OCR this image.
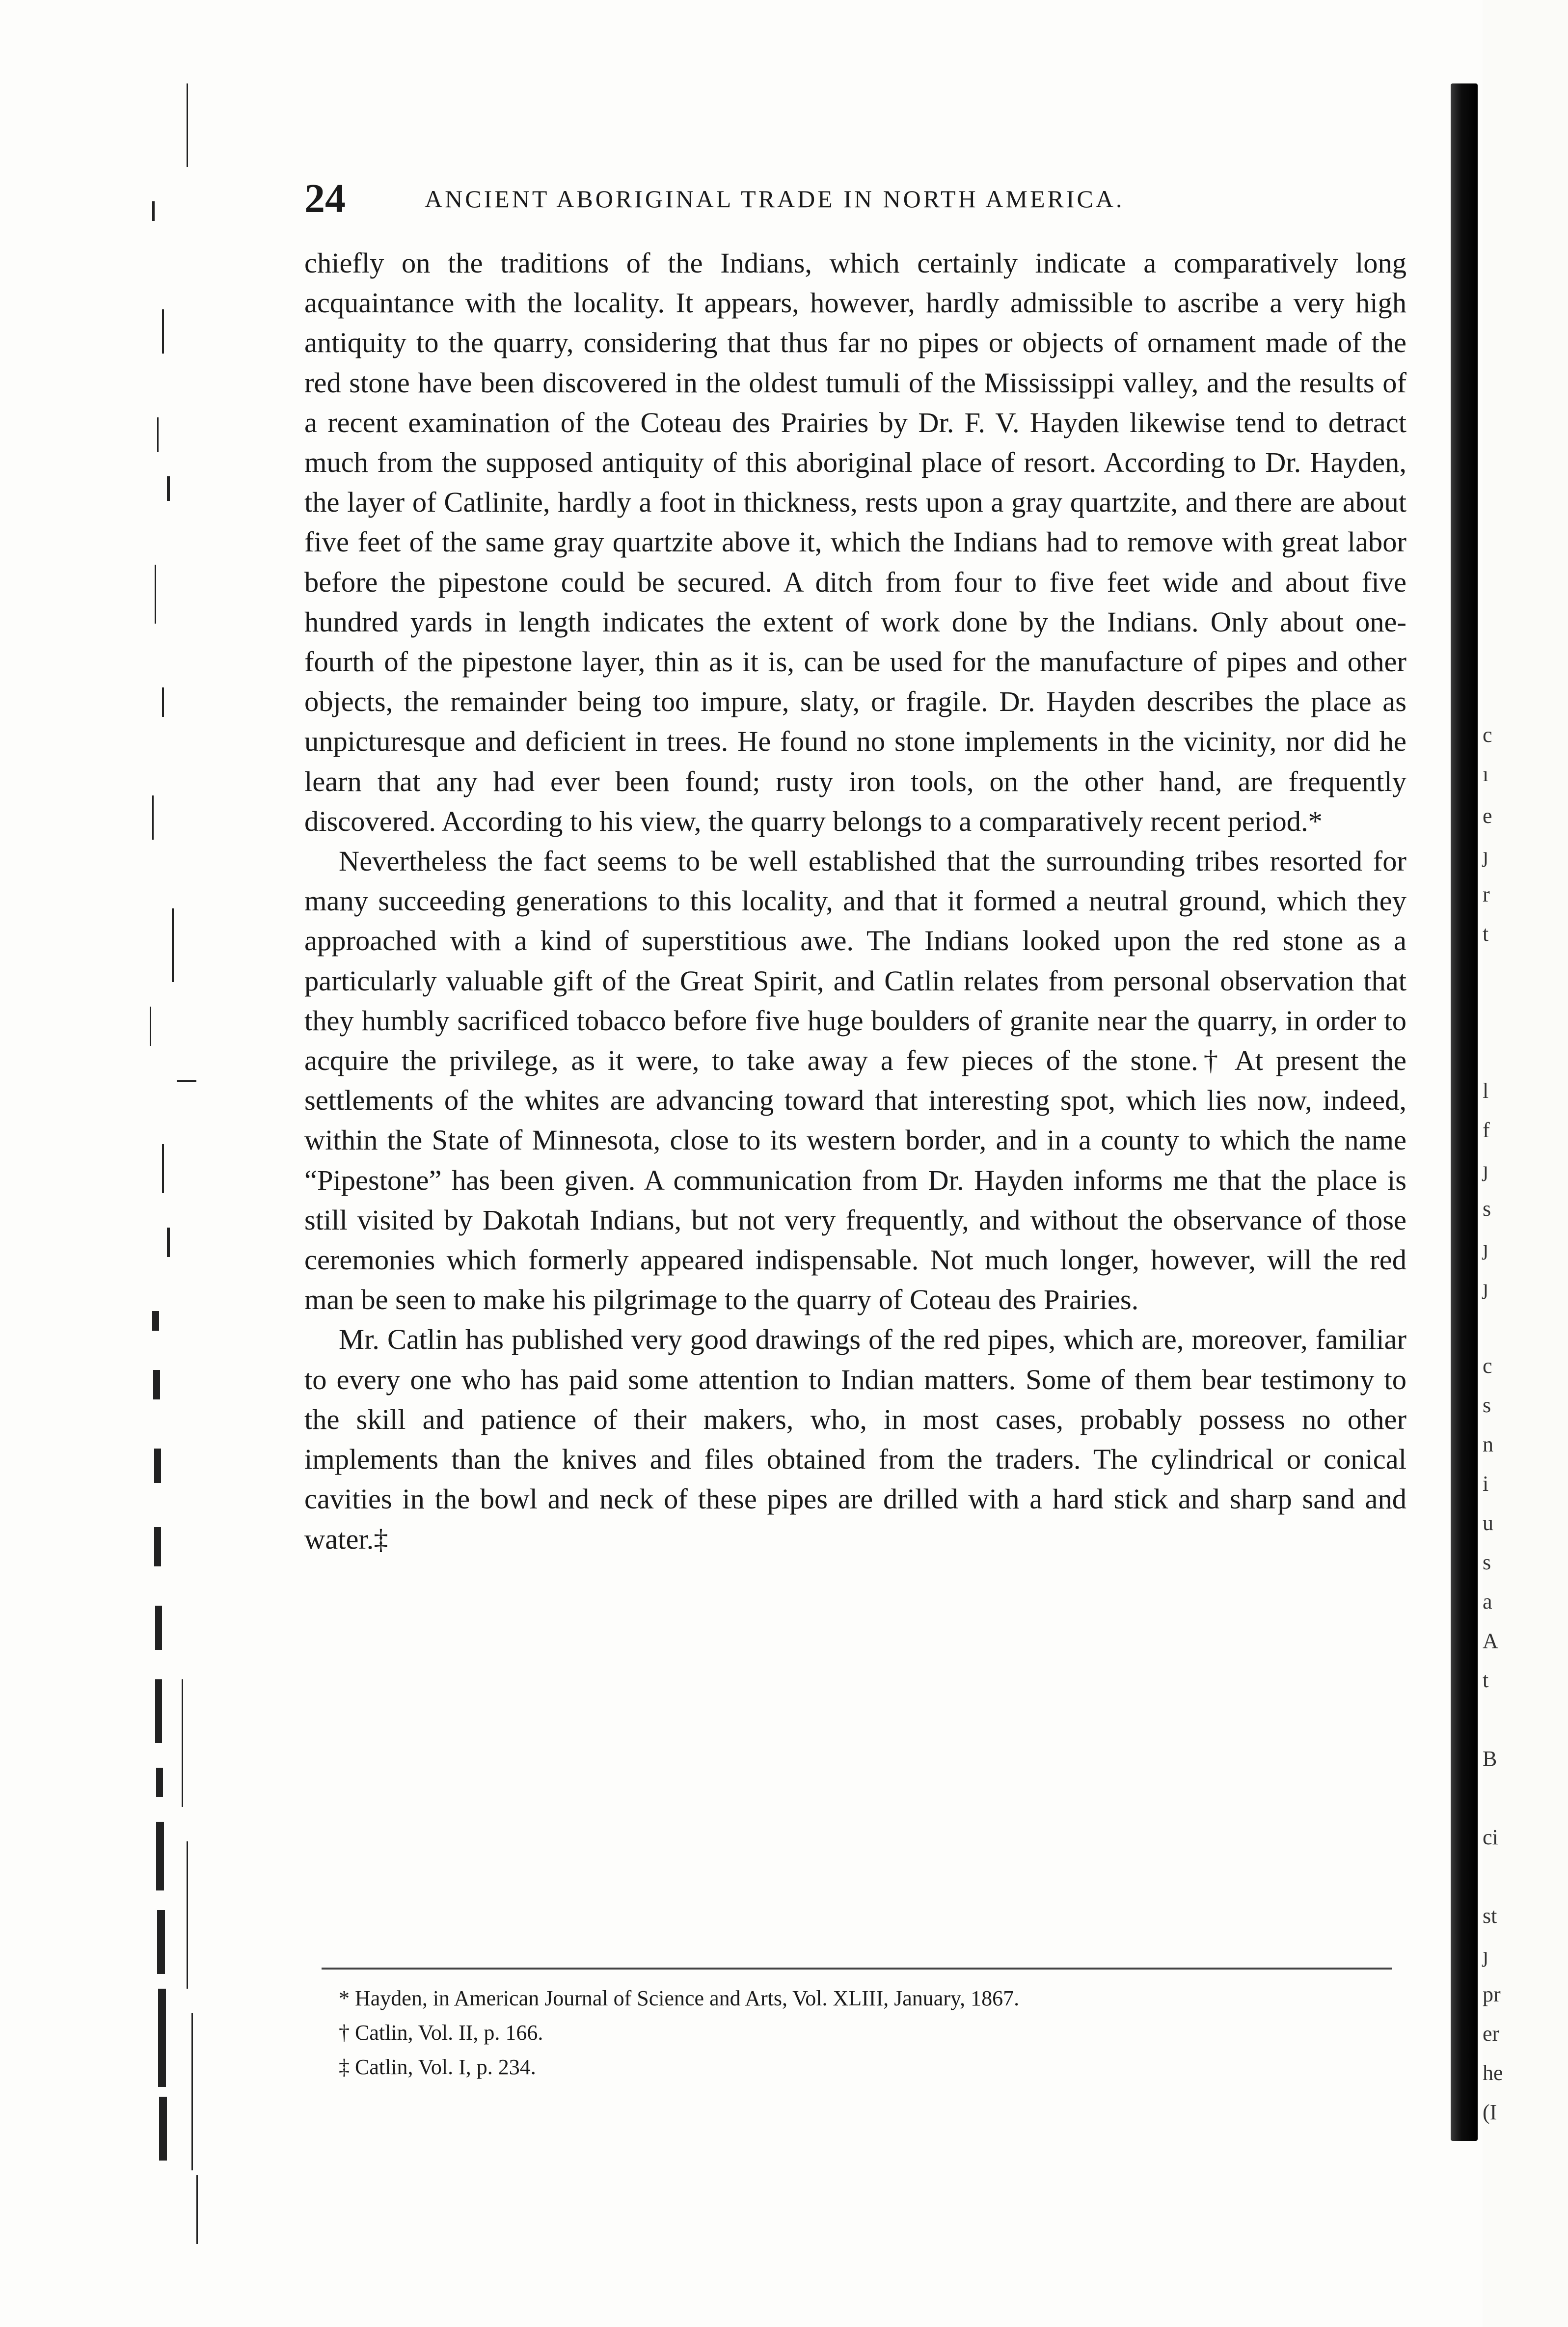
c
ı
e
ȷ
r
t
l
f
ȷ
s
ȷ
ȷ
c
s
n
i
u
s
a
A
t
B
ci
st
ȷ
pr
er
he
(I
24	ANCIENT ABORIGINAL TRADE IN NORTH AMERICA.

chiefly on the traditions of the Indians, which certainly indicate a comparatively long acquaintance with the locality. It appears, however, hardly admissible to ascribe a very high antiquity to the quarry, considering that thus far no pipes or objects of ornament made of the red stone have been discovered in the oldest tumuli of the Mississippi valley, and the results of a recent examination of the Coteau des Prairies by Dr. F. V. Hayden likewise tend to detract much from the supposed antiquity of this aboriginal place of resort. According to Dr. Hayden, the layer of Catlinite, hardly a foot in thickness, rests upon a gray quartzite, and there are about five feet of the same gray quartzite above it, which the Indians had to remove with great labor before the pipestone could be secured. A ditch from four to five feet wide and about five hundred yards in length indicates the extent of work done by the Indians. Only about one-fourth of the pipestone layer, thin as it is, can be used for the manufacture of pipes and other objects, the remainder being too impure, slaty, or fragile. Dr. Hayden describes the place as unpicturesque and deficient in trees. He found no stone implements in the vicinity, nor did he learn that any had ever been found; rusty iron tools, on the other hand, are frequently discovered. According to his view, the quarry belongs to a comparatively recent period.*

Nevertheless the fact seems to be well established that the surrounding tribes resorted for many succeeding generations to this locality, and that it formed a neutral ground, which they approached with a kind of superstitious awe. The Indians looked upon the red stone as a particularly valuable gift of the Great Spirit, and Catlin relates from personal observation that they humbly sacrificed tobacco before five huge boulders of granite near the quarry, in order to acquire the privilege, as it were, to take away a few pieces of the stone.† At present the settlements of the whites are advancing toward that interesting spot, which lies now, indeed, within the State of Minnesota, close to its western border, and in a county to which the name “Pipestone” has been given. A communication from Dr. Hayden informs me that the place is still visited by Dakotah Indians, but not very frequently, and without the observance of those ceremonies which formerly appeared indispensable. Not much longer, however, will the red man be seen to make his pilgrimage to the quarry of Coteau des Prairies.

Mr. Catlin has published very good drawings of the red pipes, which are, moreover, familiar to every one who has paid some attention to Indian matters. Some of them bear testimony to the skill and patience of their makers, who, in most cases, probably possess no other implements than the knives and files obtained from the traders. The cylindrical or conical cavities in the bowl and neck of these pipes are drilled with a hard stick and sharp sand and water.‡

* Hayden, in American Journal of Science and Arts, Vol. XLIII, January, 1867.
† Catlin, Vol. II, p. 166.
‡ Catlin, Vol. I, p. 234.
